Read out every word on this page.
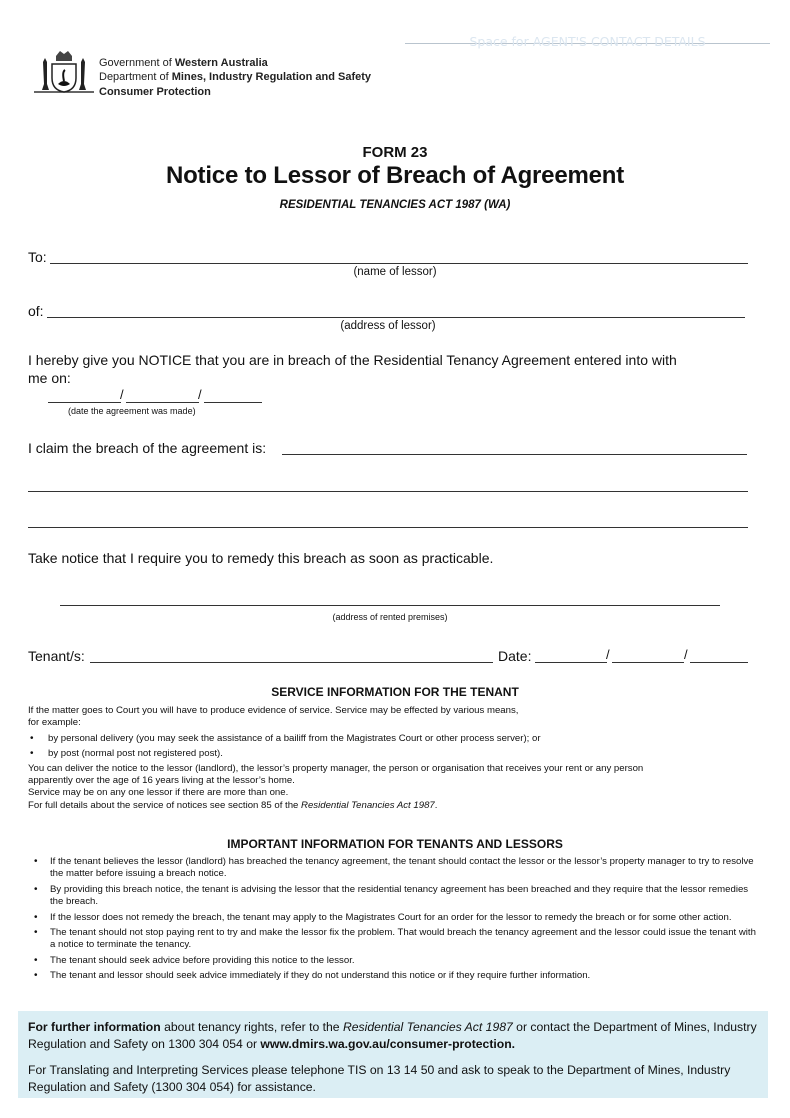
Government of Western Australia
Department of Mines, Industry Regulation and Safety
Consumer Protection
Space for AGENT'S CONTACT DETAILS
FORM 23
Notice to Lessor of Breach of Agreement
RESIDENTIAL TENANCIES ACT 1987 (WA)
To:
(name of lessor)
of:
(address of lessor)
I hereby give you NOTICE that you are in breach of the Residential Tenancy Agreement entered into with
me on:
/	/
(date the agreement was made)
I claim the breach of the agreement is:
Take notice that I require you to remedy this breach as soon as practicable.
(address of rented premises)
Tenant/s:	Date:	/	/
SERVICE INFORMATION FOR THE TENANT
If the matter goes to Court you will have to produce evidence of service. Service may be effected by various means,
for example:
• by personal delivery (you may seek the assistance of a bailiff from the Magistrates Court or other process server); or
• by post (normal post not registered post).
You can deliver the notice to the lessor (landlord), the lessor’s property manager, the person or organisation that receives your rent or any person
apparently over the age of 16 years living at the lessor’s home.
Service may be on any one lessor if there are more than one.
For full details about the service of notices see section 85 of the Residential Tenancies Act 1987.
IMPORTANT INFORMATION FOR TENANTS AND LESSORS
• If the tenant believes the lessor (landlord) has breached the tenancy agreement, the tenant should contact the lessor or the lessor’s property manager to try to resolve the matter before issuing a breach notice.
• By providing this breach notice, the tenant is advising the lessor that the residential tenancy agreement has been breached and they require that the lessor remedies the breach.
• If the lessor does not remedy the breach, the tenant may apply to the Magistrates Court for an order for the lessor to remedy the breach or for some other action.
• The tenant should not stop paying rent to try and make the lessor fix the problem. That would breach the tenancy agreement and the lessor could issue the tenant with a notice to terminate the tenancy.
• The tenant should seek advice before providing this notice to the lessor.
• The tenant and lessor should seek advice immediately if they do not understand this notice or if they require further information.

For further information about tenancy rights, refer to the Residential Tenancies Act 1987 or contact the Department of Mines, Industry Regulation and Safety on 1300 304 054 or www.dmirs.wa.gov.au/consumer-protection.

For Translating and Interpreting Services please telephone TIS on 13 14 50 and ask to speak to the Department of Mines, Industry Regulation and Safety (1300 304 054) for assistance.
